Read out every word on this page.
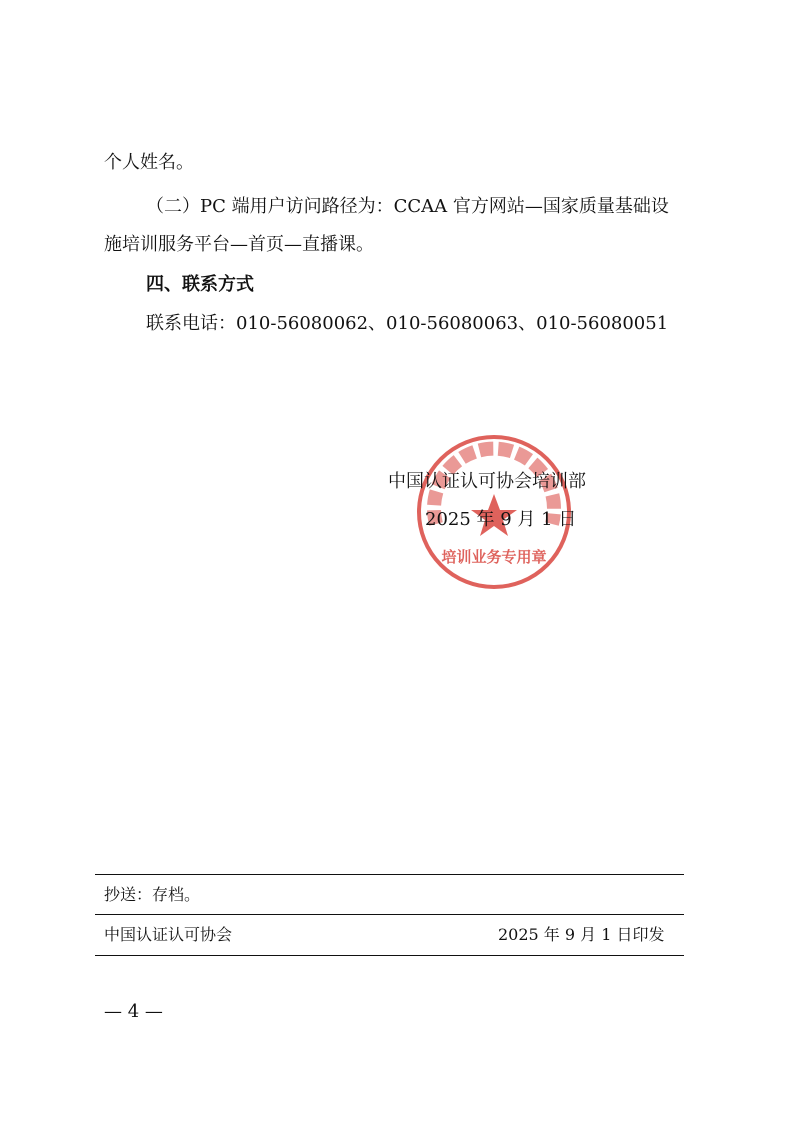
培训业务专用章
个人姓名。
（二）PC 端用户访问路径为：CCAA 官方网站—国家质量基础设
施培训服务平台—首页—直播课。
四、联系方式
联系电话：010-56080062、010-56080063、010-56080051
中国认证认可协会培训部
2025 年 9 月 1 日
抄送：存档。
中国认证认可协会	2025 年 9 月 1 日印发
— 4 —
